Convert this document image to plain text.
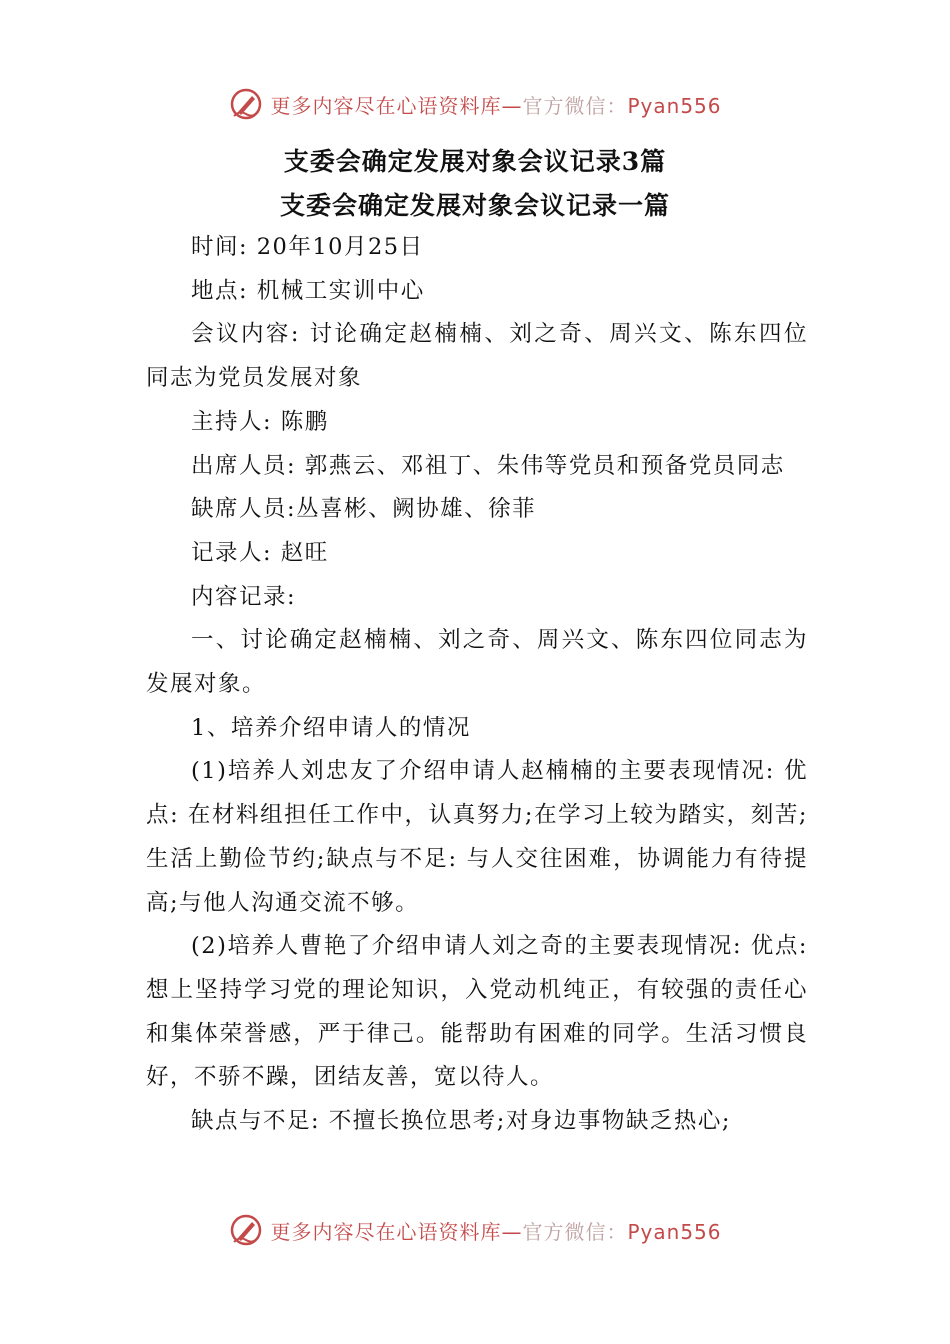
更多内容尽在心语资料库—官方微信：Pyan556
支委会确定发展对象会议记录3篇
支委会确定发展对象会议记录一篇

时间: 20年10月25日

地点: 机械工实训中心

会议内容: 讨论确定赵楠楠、刘之奇、周兴文、陈东四位同志为党员发展对象

主持人: 陈鹏

出席人员: 郭燕云、邓祖丁、朱伟等党员和预备党员同志

缺席人员:丛喜彬、阙协雄、徐菲

记录人: 赵旺

内容记录:

一、讨论确定赵楠楠、刘之奇、周兴文、陈东四位同志为发展对象。

1、培养介绍申请人的情况

(1)培养人刘忠友了介绍申请人赵楠楠的主要表现情况: 优点: 在材料组担任工作中，认真努力;在学习上较为踏实，刻苦;生活上勤俭节约;缺点与不足: 与人交往困难，协调能力有待提高;与他人沟通交流不够。

(2)培养人曹艳了介绍申请人刘之奇的主要表现情况: 优点: 想上坚持学习党的理论知识，入党动机纯正，有较强的责任心和集体荣誉感，严于律己。能帮助有困难的同学。生活习惯良好，不骄不躁，团结友善，宽以待人。

缺点与不足: 不擅长换位思考;对身边事物缺乏热心;

更多内容尽在心语资料库—官方微信：Pyan556
